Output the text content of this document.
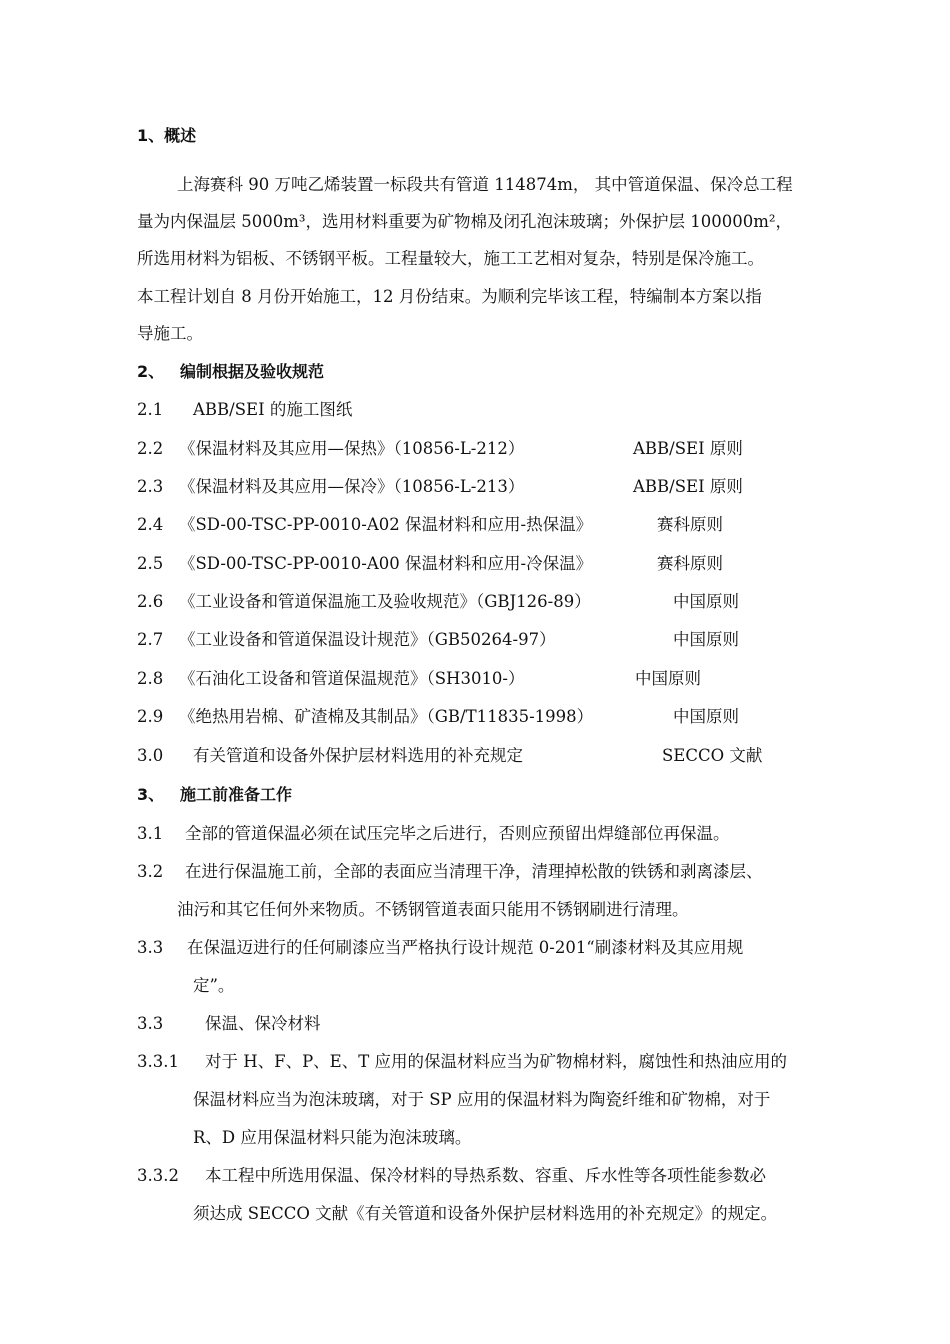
1、概述
上海赛科 90 万吨乙烯装置一标段共有管道 114874m， 其中管道保温、保冷总工程
量为内保温层 5000m³，选用材料重要为矿物棉及闭孔泡沫玻璃；外保护层 100000m²，
所选用材料为铝板、不锈钢平板。工程量较大，施工工艺相对复杂，特别是保冷施工。
本工程计划自 8 月份开始施工，12 月份结束。为顺利完毕该工程，特编制本方案以指
导施工。
2、 编制根据及验收规范
2.1 ABB/SEI 的施工图纸
2.2 《保温材料及其应用—保热》（10856-L-212）	ABB/SEI 原则
2.3 《保温材料及其应用—保冷》（10856-L-213）	ABB/SEI 原则
2.4 《SD-00-TSC-PP-0010-A02 保温材料和应用-热保温》	赛科原则
2.5 《SD-00-TSC-PP-0010-A00 保温材料和应用-冷保温》	赛科原则
2.6 《工业设备和管道保温施工及验收规范》（GBJ126-89）	中国原则
2.7 《工业设备和管道保温设计规范》（GB50264-97）	中国原则
2.8 《石油化工设备和管道保温规范》（SH3010-）	中国原则
2.9 《绝热用岩棉、矿渣棉及其制品》（GB/T11835-1998）	中国原则
3.0 有关管道和设备外保护层材料选用的补充规定	SECCO 文献
3、 施工前准备工作
3.1 全部的管道保温必须在试压完毕之后进行，否则应预留出焊缝部位再保温。
3.2 在进行保温施工前，全部的表面应当清理干净，清理掉松散的铁锈和剥离漆层、
油污和其它任何外来物质。不锈钢管道表面只能用不锈钢刷进行清理。
3.3 在保温迈进行的任何刷漆应当严格执行设计规范 0-201“刷漆材料及其应用规
定”。
3.3	保温、保冷材料
3.3.1 对于 H、F、P、E、T 应用的保温材料应当为矿物棉材料，腐蚀性和热油应用的
保温材料应当为泡沫玻璃，对于 SP 应用的保温材料为陶瓷纤维和矿物棉，对于
R、D 应用保温材料只能为泡沫玻璃。
3.3.2 本工程中所选用保温、保冷材料的导热系数、容重、斥水性等各项性能参数必
须达成 SECCO 文献《有关管道和设备外保护层材料选用的补充规定》的规定。
